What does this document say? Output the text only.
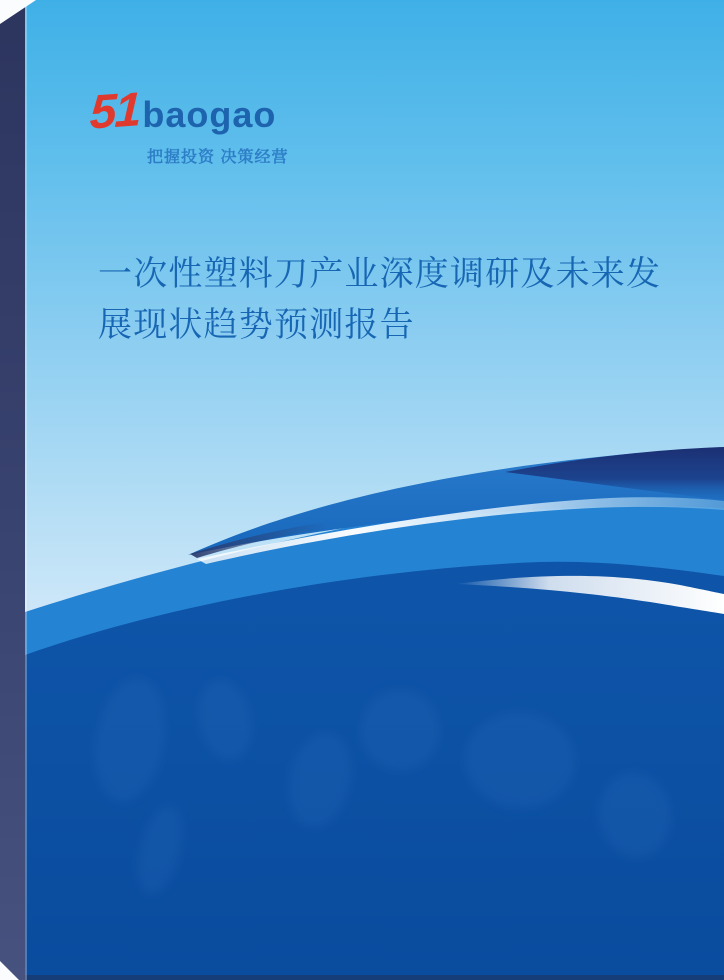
51 baogao
把握投资 决策经营
一次性塑料刀产业深度调研及未来发
展现状趋势预测报告
